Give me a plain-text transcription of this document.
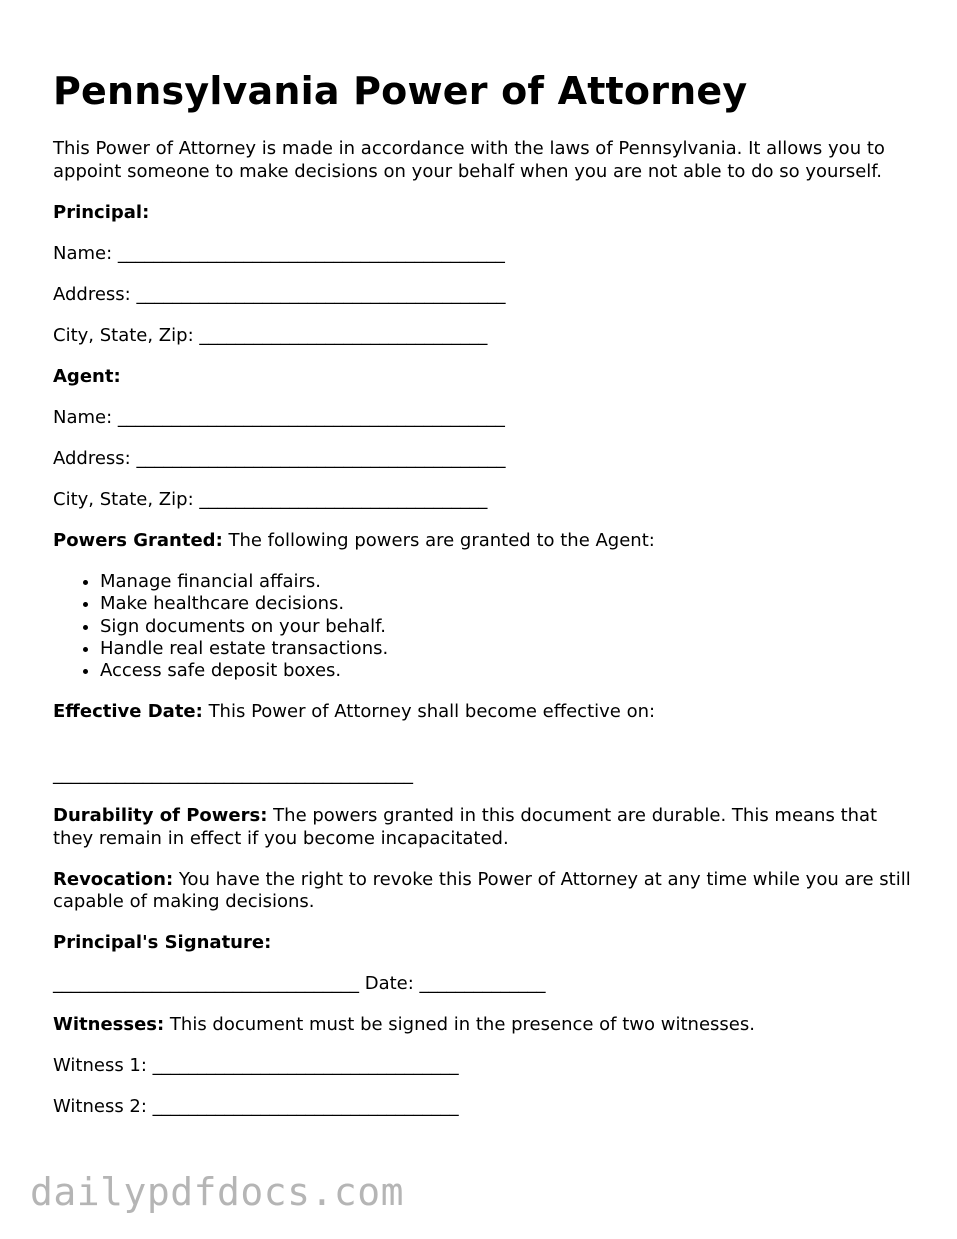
Pennsylvania Power of Attorney

This Power of Attorney is made in accordance with the laws of Pennsylvania. It allows you to appoint someone to make decisions on your behalf when you are not able to do so yourself.

Principal:

Name: ___________________________________________

Address: _________________________________________

City, State, Zip: ________________________________

Agent:

Name: ___________________________________________

Address: _________________________________________

City, State, Zip: ________________________________

Powers Granted: The following powers are granted to the Agent:

• Manage financial affairs.
• Make healthcare decisions.
• Sign documents on your behalf.
• Handle real estate transactions.
• Access safe deposit boxes.

Effective Date: This Power of Attorney shall become effective on:

________________________________________

Durability of Powers: The powers granted in this document are durable. This means that they remain in effect if you become incapacitated.

Revocation: You have the right to revoke this Power of Attorney at any time while you are still capable of making decisions.

Principal's Signature:

__________________________________ Date: ______________

Witnesses: This document must be signed in the presence of two witnesses.

Witness 1: __________________________________

Witness 2: __________________________________

dailypdfdocs.com
